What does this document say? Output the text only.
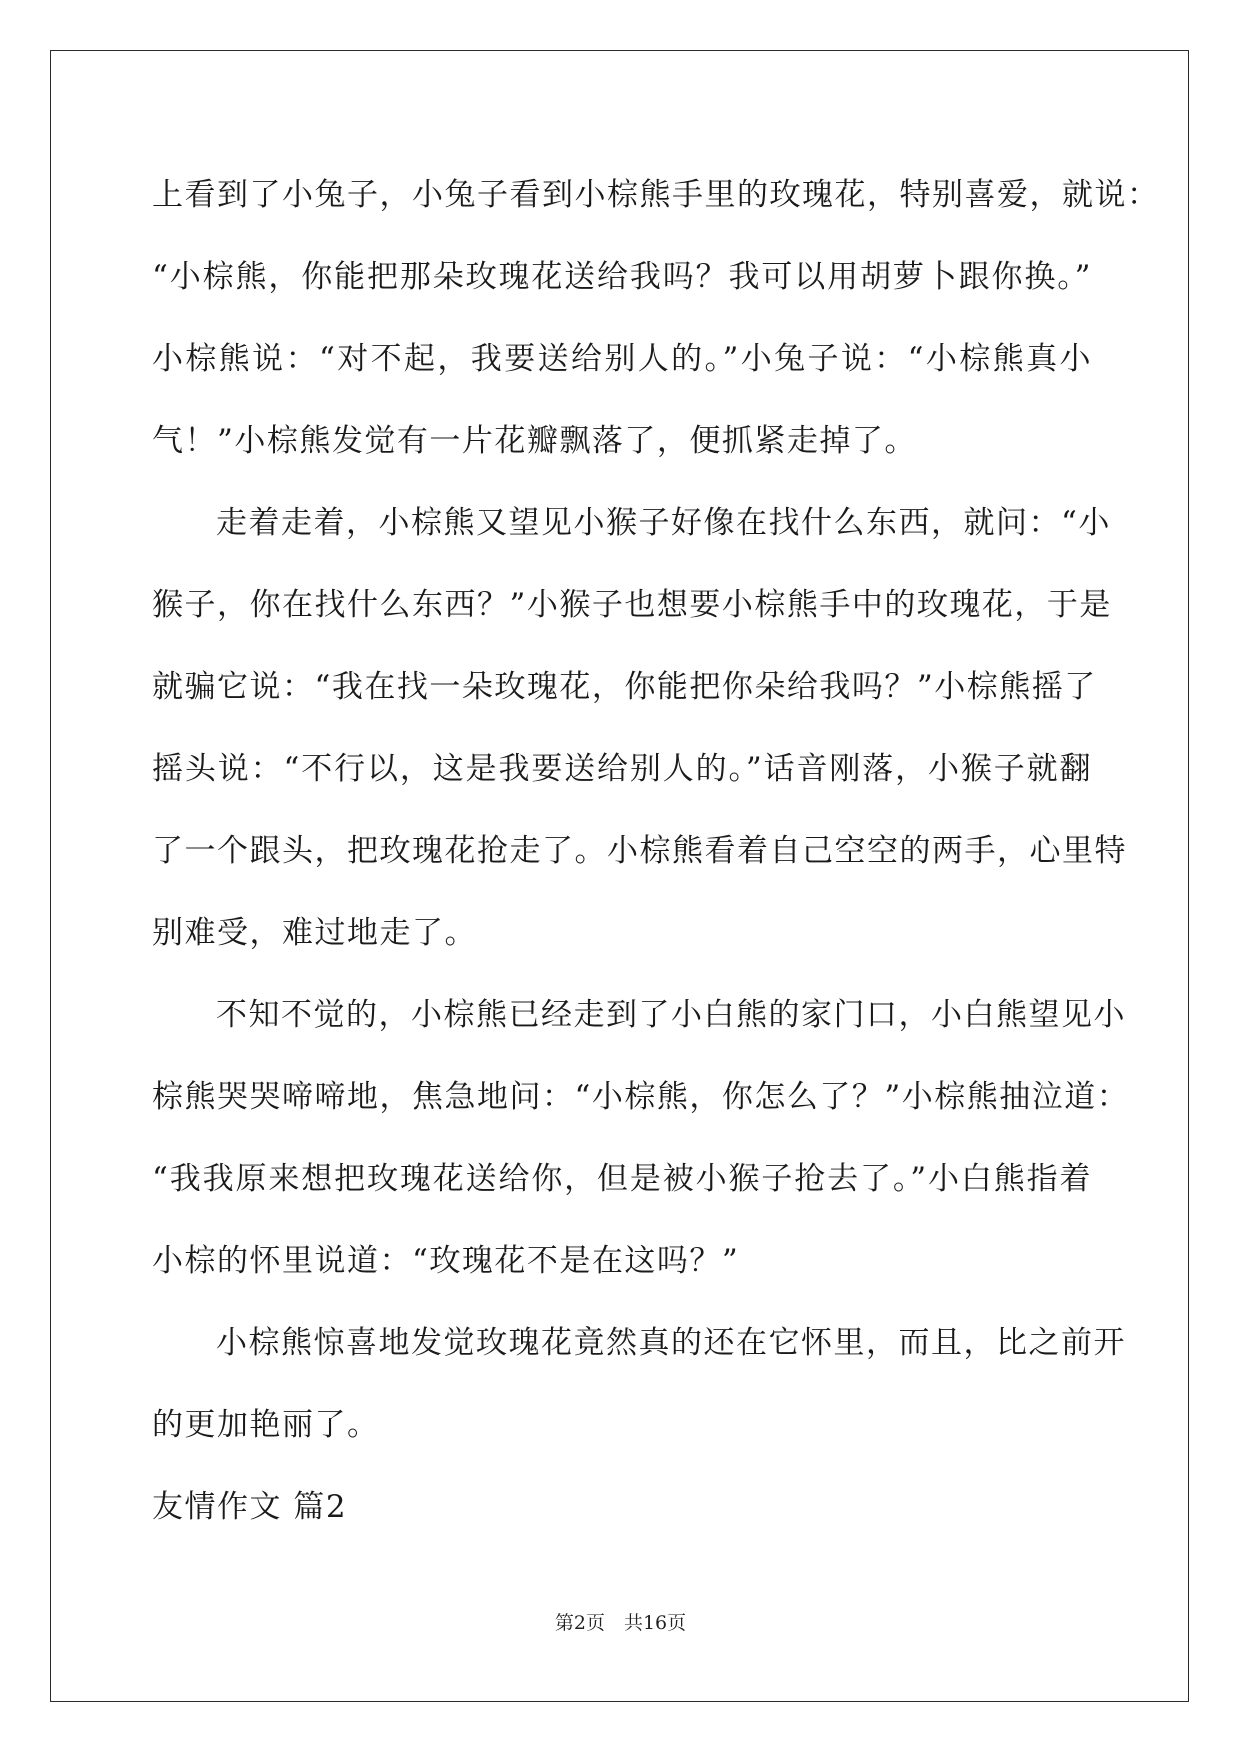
上看到了小兔子，小兔子看到小棕熊手里的玫瑰花，特别喜爱，就说：
“小棕熊，你能把那朵玫瑰花送给我吗？我可以用胡萝卜跟你换。”
小棕熊说：“对不起，我要送给别人的。”小兔子说：“小棕熊真小
气！”小棕熊发觉有一片花瓣飘落了，便抓紧走掉了。
走着走着，小棕熊又望见小猴子好像在找什么东西，就问：“小
猴子，你在找什么东西？”小猴子也想要小棕熊手中的玫瑰花，于是
就骗它说：“我在找一朵玫瑰花，你能把你朵给我吗？”小棕熊摇了
摇头说：“不行以，这是我要送给别人的。”话音刚落，小猴子就翻
了一个跟头，把玫瑰花抢走了。小棕熊看着自己空空的两手，心里特
别难受，难过地走了。
不知不觉的，小棕熊已经走到了小白熊的家门口，小白熊望见小
棕熊哭哭啼啼地，焦急地问：“小棕熊，你怎么了？”小棕熊抽泣道：
“我我原来想把玫瑰花送给你，但是被小猴子抢去了。”小白熊指着
小棕的怀里说道：“玫瑰花不是在这吗？”
小棕熊惊喜地发觉玫瑰花竟然真的还在它怀里，而且，比之前开
的更加艳丽了。
友情作文 篇2
第2页　共16页
